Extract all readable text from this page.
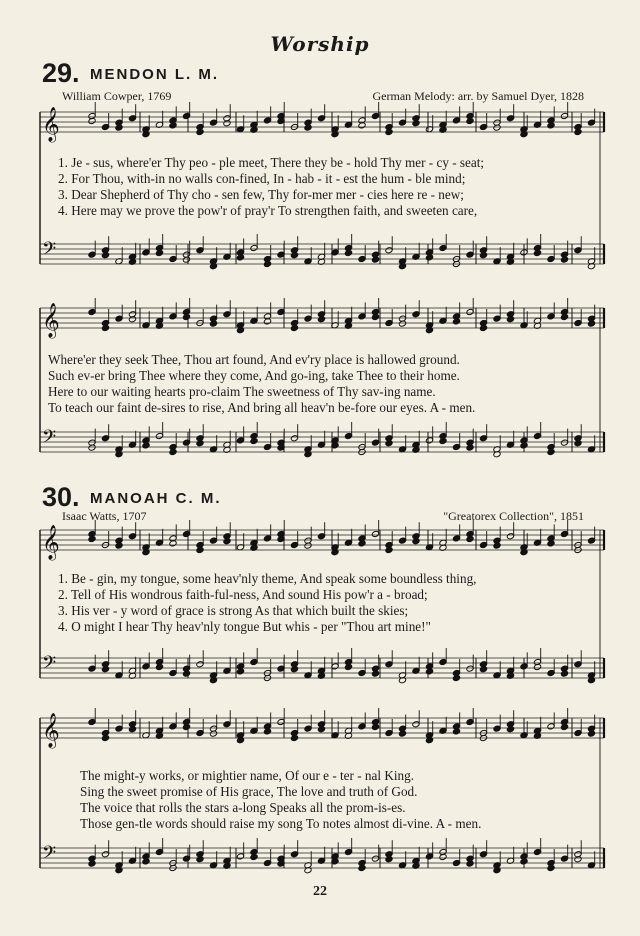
Worship
29. MENDON L. M.
William Cowper, 1769	German Melody: arr. by Samuel Dyer, 1828
𝄞
𝄢
1. Je - sus, where'er Thy peo - ple meet, There they be - hold Thy mer - cy - seat;
2. For Thou, with-in no walls con-fined, In - hab - it - est the hum - ble mind;
3. Dear Shepherd of Thy cho - sen few, Thy for-mer mer - cies here re - new;
4. Here may we prove the pow'r of pray'r To strengthen faith, and sweeten care,
𝄞
𝄢
Where'er they seek Thee, Thou art found, And ev'ry place is hallowed ground.
Such ev-er bring Thee where they come, And go-ing, take Thee to their home.
Here to our waiting hearts pro-claim The sweetness of Thy sav-ing name.
To teach our faint de-sires to rise, And bring all heav'n be-fore our eyes. A - men.
30. MANOAH C. M.
Isaac Watts, 1707	"Greatorex Collection", 1851
𝄞
𝄢
1. Be - gin, my tongue, some heav'nly theme, And speak some boundless thing,
2. Tell of His wondrous faith-ful-ness, And sound His pow'r a - broad;
3. His ver - y word of grace is strong As that which built the skies;
4. O might I hear Thy heav'nly tongue But whis - per "Thou art mine!"
𝄞
𝄢
The might-y works, or mightier name, Of our e - ter - nal King.
Sing the sweet promise of His grace, The love and truth of God.
The voice that rolls the stars a-long Speaks all the prom-is-es.
Those gen-tle words should raise my song To notes almost di-vine. A - men.
22
